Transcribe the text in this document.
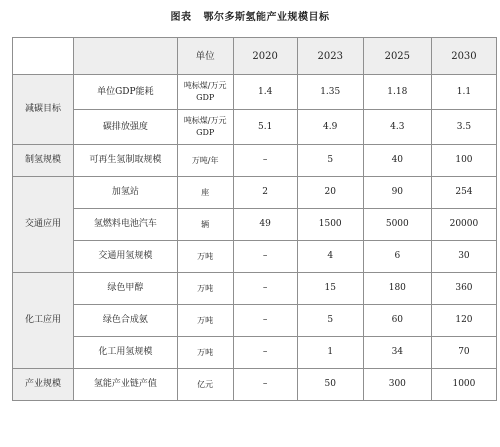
图表 鄂尔多斯氢能产业规模目标
		单位	2020	2023	2025	2030
减碳目标	单位GDP能耗	吨标煤/万元GDP	1.4	1.35	1.18	1.1
	碳排放强度	吨标煤/万元GDP	5.1	4.9	4.3	3.5
制氢规模	可再生氢制取规模	万吨/年	–	5	40	100
交通应用	加氢站	座	2	20	90	254
	氢燃料电池汽车	辆	49	1500	5000	20000
	交通用氢规模	万吨	–	4	6	30
化工应用	绿色甲醇	万吨	–	15	180	360
	绿色合成氨	万吨	–	5	60	120
	化工用氢规模	万吨	–	1	34	70
产业规模	氢能产业链产值	亿元	–	50	300	1000
